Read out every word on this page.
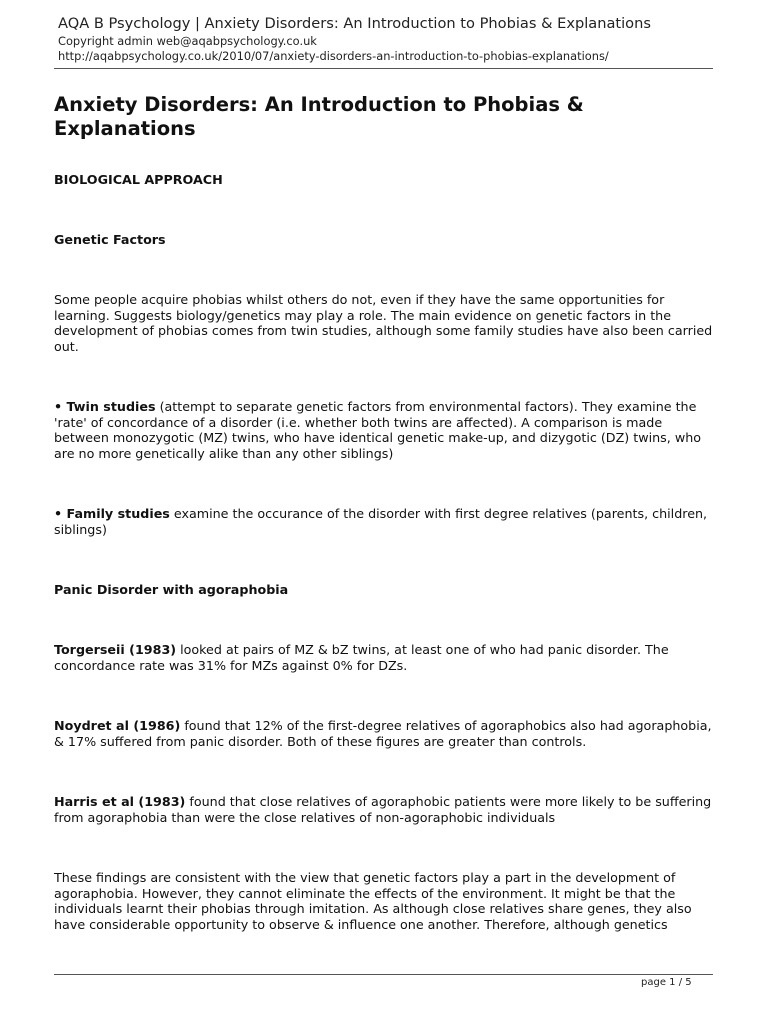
AQA B Psychology | Anxiety Disorders: An Introduction to Phobias & Explanations
Copyright admin web@aqabpsychology.co.uk
http://aqabpsychology.co.uk/2010/07/anxiety-disorders-an-introduction-to-phobias-explanations/
Anxiety Disorders: An Introduction to Phobias & Explanations
BIOLOGICAL APPROACH
Genetic Factors
Some people acquire phobias whilst others do not, even if they have the same opportunities for learning. Suggests biology/genetics may play a role. The main evidence on genetic factors in the development of phobias comes from twin studies, although some family studies have also been carried out.
• Twin studies (attempt to separate genetic factors from environmental factors). They examine the 'rate' of concordance of a disorder (i.e. whether both twins are affected). A comparison is made between monozygotic (MZ) twins, who have identical genetic make-up, and dizygotic (DZ) twins, who are no more genetically alike than any other siblings)
• Family studies examine the occurance of the disorder with first degree relatives (parents, children, siblings)
Panic Disorder with agoraphobia
Torgerseii (1983) looked at pairs of MZ & bZ twins, at least one of who had panic disorder. The concordance rate was 31% for MZs against 0% for DZs.
Noydret al (1986) found that 12% of the first-degree relatives of agoraphobics also had agoraphobia, & 17% suffered from panic disorder. Both of these figures are greater than controls.
Harris et al (1983) found that close relatives of agoraphobic patients were more likely to be suffering from agoraphobia than were the close relatives of non-agoraphobic individuals
These findings are consistent with the view that genetic factors play a part in the development of agoraphobia. However, they cannot eliminate the effects of the environment. It might be that the individuals learnt their phobias through imitation. As although close relatives share genes, they also have considerable opportunity to observe & influence one another. Therefore, although genetics
page 1 / 5
